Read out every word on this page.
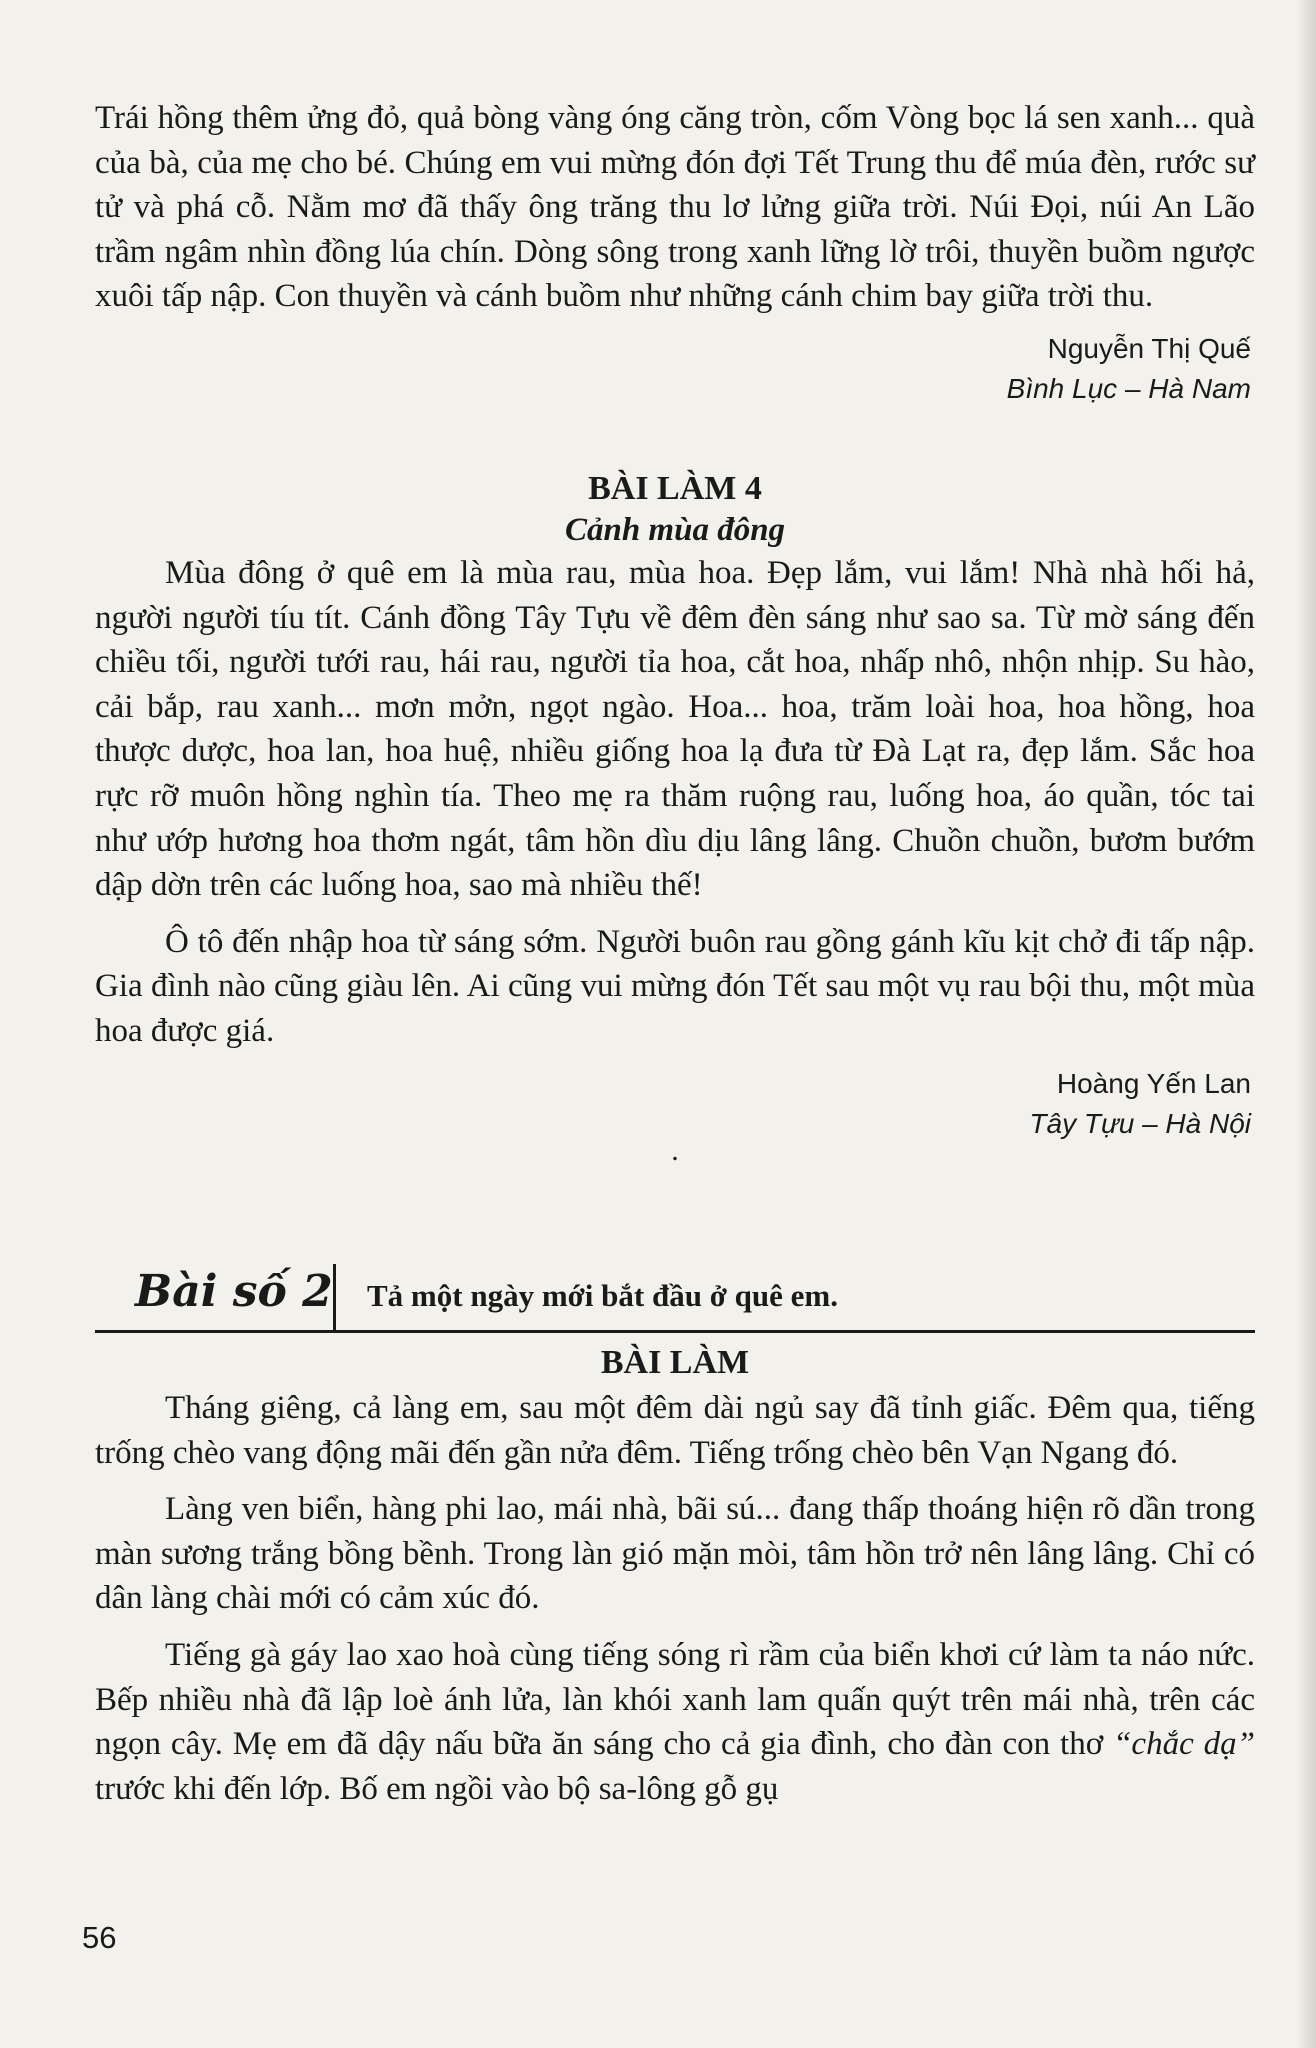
Trái hồng thêm ửng đỏ, quả bòng vàng óng căng tròn, cốm Vòng bọc lá sen xanh... quà của bà, của mẹ cho bé. Chúng em vui mừng đón đợi Tết Trung thu để múa đèn, rước sư tử và phá cỗ. Nằm mơ đã thấy ông trăng thu lơ lửng giữa trời. Núi Đọi, núi An Lão trầm ngâm nhìn đồng lúa chín. Dòng sông trong xanh lững lờ trôi, thuyền buồm ngược xuôi tấp nập. Con thuyền và cánh buồm như những cánh chim bay giữa trời thu.

Nguyễn Thị Quế

Bình Lục – Hà Nam

BÀI LÀM 4

Cảnh mùa đông

Mùa đông ở quê em là mùa rau, mùa hoa. Đẹp lắm, vui lắm! Nhà nhà hối hả, người người tíu tít. Cánh đồng Tây Tựu về đêm đèn sáng như sao sa. Từ mờ sáng đến chiều tối, người tưới rau, hái rau, người tỉa hoa, cắt hoa, nhấp nhô, nhộn nhịp. Su hào, cải bắp, rau xanh... mơn mởn, ngọt ngào. Hoa... hoa, trăm loài hoa, hoa hồng, hoa thược dược, hoa lan, hoa huệ, nhiều giống hoa lạ đưa từ Đà Lạt ra, đẹp lắm. Sắc hoa rực rỡ muôn hồng nghìn tía. Theo mẹ ra thăm ruộng rau, luống hoa, áo quần, tóc tai như ướp hương hoa thơm ngát, tâm hồn dìu dịu lâng lâng. Chuồn chuồn, bươm bướm dập dờn trên các luống hoa, sao mà nhiều thế!

Ô tô đến nhập hoa từ sáng sớm. Người buôn rau gồng gánh kĩu kịt chở đi tấp nập. Gia đình nào cũng giàu lên. Ai cũng vui mừng đón Tết sau một vụ rau bội thu, một mùa hoa được giá.

Hoàng Yến Lan

Tây Tựu – Hà Nội

.

Bài số 2 Tả một ngày mới bắt đầu ở quê em.

BÀI LÀM

Tháng giêng, cả làng em, sau một đêm dài ngủ say đã tỉnh giấc. Đêm qua, tiếng trống chèo vang động mãi đến gần nửa đêm. Tiếng trống chèo bên Vạn Ngang đó.

Làng ven biển, hàng phi lao, mái nhà, bãi sú... đang thấp thoáng hiện rõ dần trong màn sương trắng bồng bềnh. Trong làn gió mặn mòi, tâm hồn trở nên lâng lâng. Chỉ có dân làng chài mới có cảm xúc đó.

Tiếng gà gáy lao xao hoà cùng tiếng sóng rì rầm của biển khơi cứ làm ta náo nức. Bếp nhiều nhà đã lập loè ánh lửa, làn khói xanh lam quấn quýt trên mái nhà, trên các ngọn cây. Mẹ em đã dậy nấu bữa ăn sáng cho cả gia đình, cho đàn con thơ “chắc dạ” trước khi đến lớp. Bố em ngồi vào bộ sa-lông gỗ gụ

56
